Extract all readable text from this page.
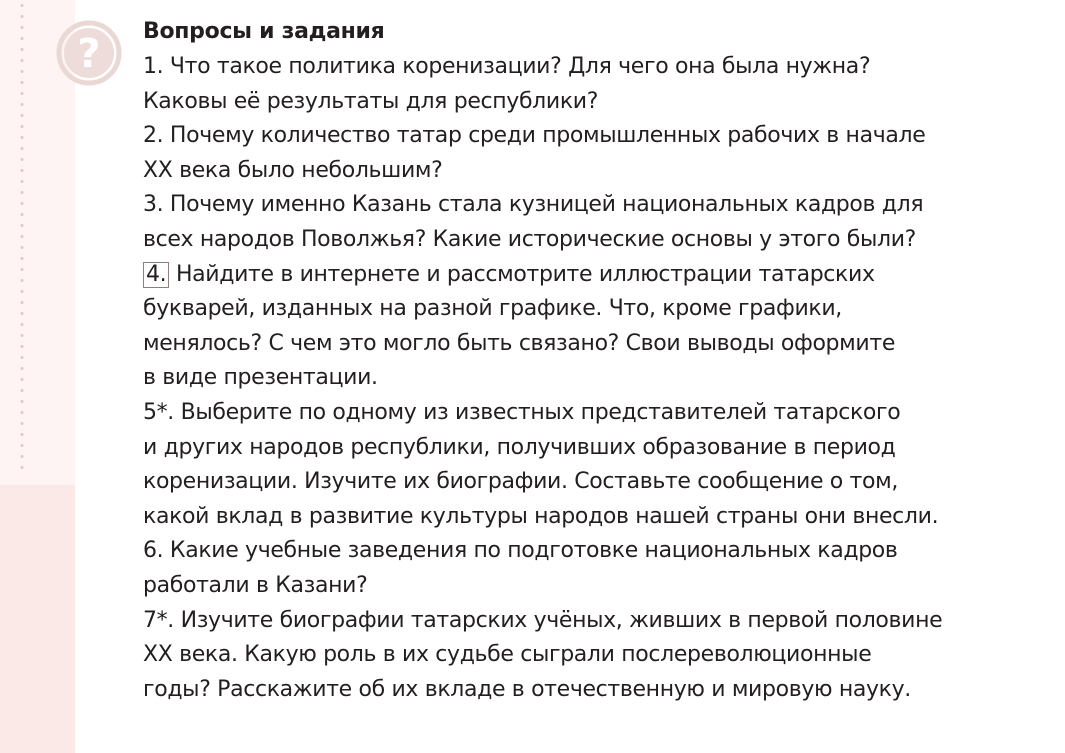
? Вопросы и задания
1. Что такое политика коренизации? Для чего она была нужна?
Каковы её результаты для республики?
2. Почему количество татар среди промышленных рабочих в начале
XX века было небольшим?
3. Почему именно Казань стала кузницей национальных кадров для
всех народов Поволжья? Какие исторические основы у этого были?
4. Найдите в интернете и рассмотрите иллюстрации татарских
букварей, изданных на разной графике. Что, кроме графики,
менялось? С чем это могло быть связано? Свои выводы оформите
в виде презентации.
5*. Выберите по одному из известных представителей татарского
и других народов республики, получивших образование в период
коренизации. Изучите их биографии. Составьте сообщение о том,
какой вклад в развитие культуры народов нашей страны они внесли.
6. Какие учебные заведения по подготовке национальных кадров
работали в Казани?
7*. Изучите биографии татарских учёных, живших в первой половине
XX века. Какую роль в их судьбе сыграли послереволюционные
годы? Расскажите об их вкладе в отечественную и мировую науку.
